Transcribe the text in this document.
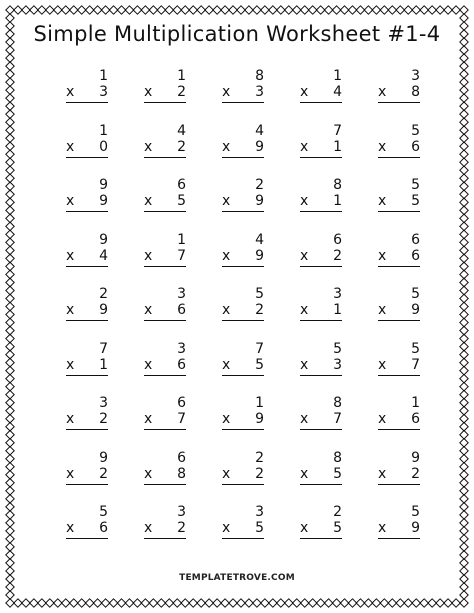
Simple Multiplication Worksheet #1-4
1
x 3
1
x 2
8
x 3
1
x 4
3
x 8
1
x 0
4
x 2
4
x 9
7
x 1
5
x 6
9
x 9
6
x 5
2
x 9
8
x 1
5
x 5
9
x 4
1
x 7
4
x 9
6
x 2
6
x 6
2
x 9
3
x 6
5
x 2
3
x 1
5
x 9
7
x 1
3
x 6
7
x 5
5
x 3
5
x 7
3
x 2
6
x 7
1
x 9
8
x 7
1
x 6
9
x 2
6
x 8
2
x 2
8
x 5
9
x 2
5
x 6
3
x 2
3
x 5
2
x 5
5
x 9
TEMPLATETROVE.COM
